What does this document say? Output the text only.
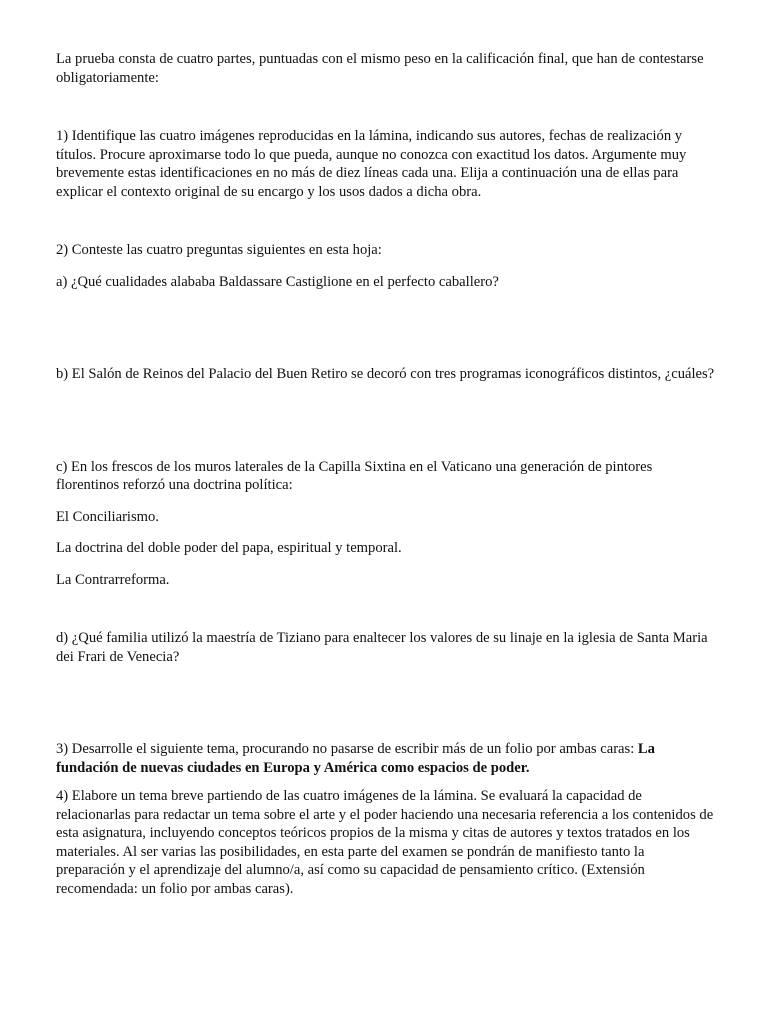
La prueba consta de cuatro partes, puntuadas con el mismo peso en la calificación final, que han de contestarse obligatoriamente:

1) Identifique las cuatro imágenes reproducidas en la lámina, indicando sus autores, fechas de realización y títulos. Procure aproximarse todo lo que pueda, aunque no conozca con exactitud los datos. Argumente muy brevemente estas identificaciones en no más de diez líneas cada una. Elija a continuación una de ellas para explicar el contexto original de su encargo y los usos dados a dicha obra.

2) Conteste las cuatro preguntas siguientes en esta hoja:

a) ¿Qué cualidades alababa Baldassare Castiglione en el perfecto caballero?

b) El Salón de Reinos del Palacio del Buen Retiro se decoró con tres programas iconográficos distintos, ¿cuáles?

c) En los frescos de los muros laterales de la Capilla Sixtina en el Vaticano una generación de pintores florentinos reforzó una doctrina política:

El Conciliarismo.

La doctrina del doble poder del papa, espiritual y temporal.

La Contrarreforma.

d) ¿Qué familia utilizó la maestría de Tiziano para enaltecer los valores de su linaje en la iglesia de Santa Maria dei Frari de Venecia?

3) Desarrolle el siguiente tema, procurando no pasarse de escribir más de un folio por ambas caras: La fundación de nuevas ciudades en Europa y América como espacios de poder.

4) Elabore un tema breve partiendo de las cuatro imágenes de la lámina. Se evaluará la capacidad de relacionarlas para redactar un tema sobre el arte y el poder haciendo una necesaria referencia a los contenidos de esta asignatura, incluyendo conceptos teóricos propios de la misma y citas de autores y textos tratados en los materiales. Al ser varias las posibilidades, en esta parte del examen se pondrán de manifiesto tanto la preparación y el aprendizaje del alumno/a, así como su capacidad de pensamiento crítico. (Extensión recomendada: un folio por ambas caras).
